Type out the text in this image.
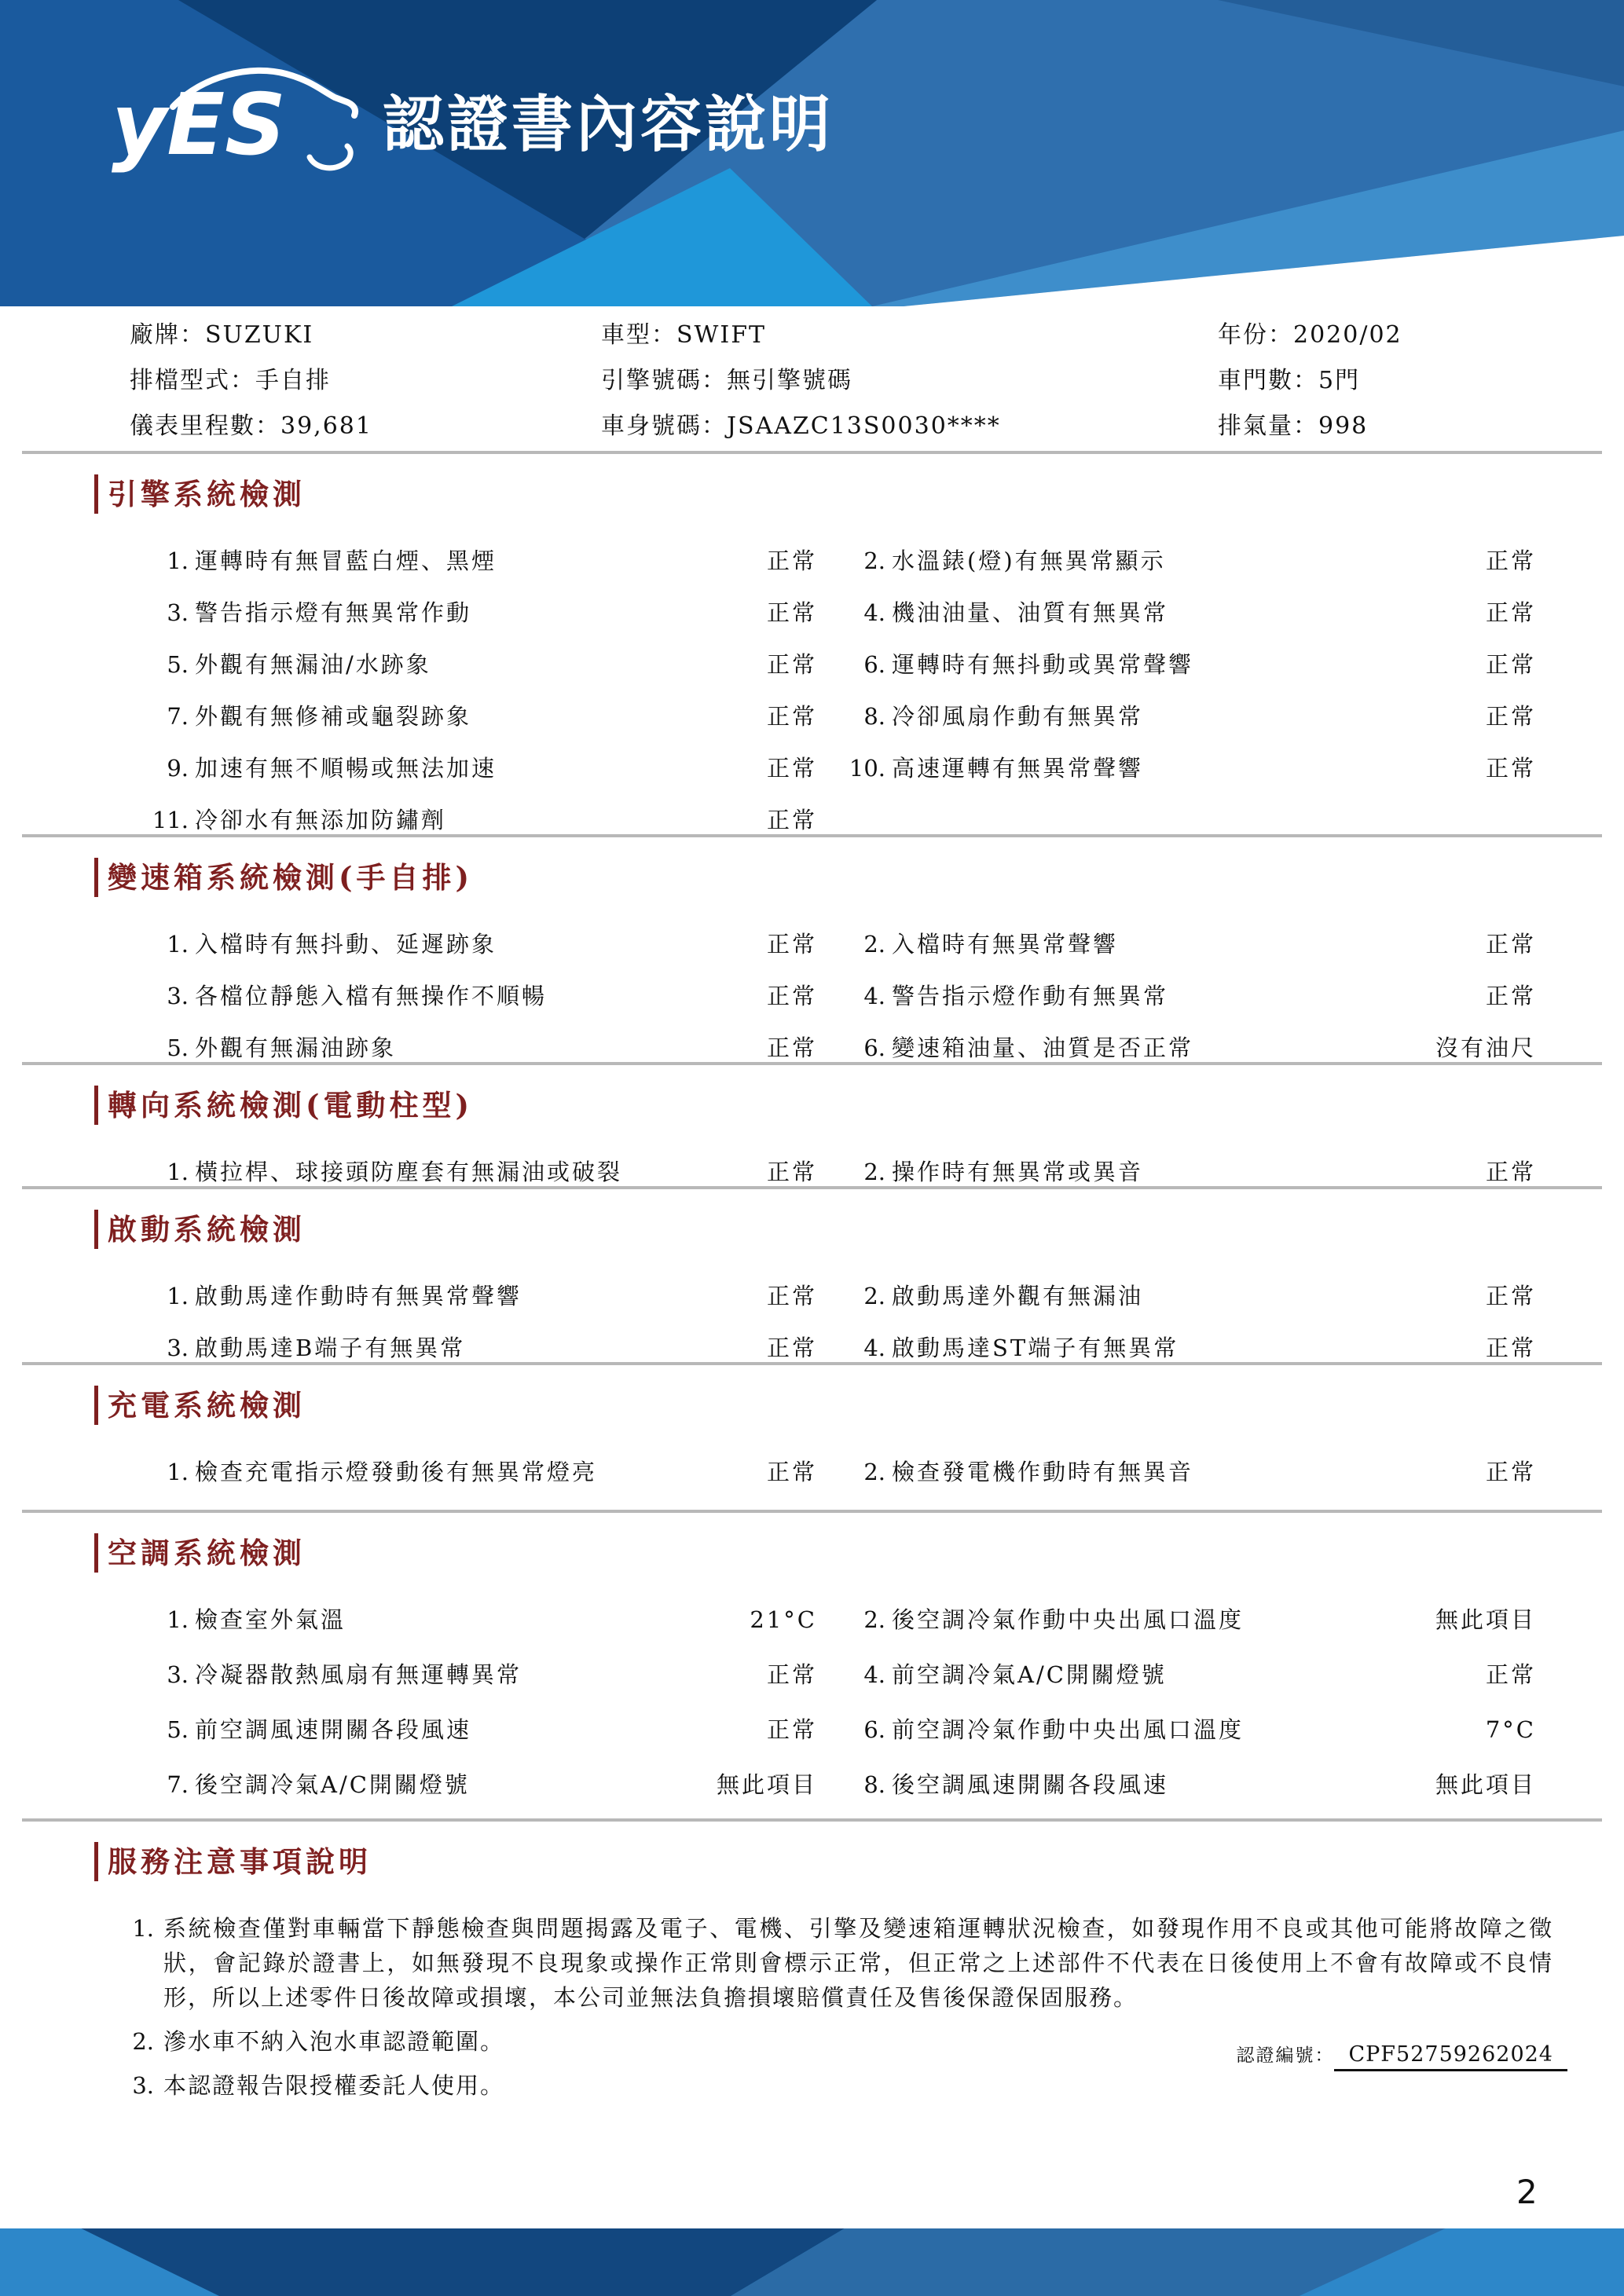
yES 認證書內容說明
廠牌：SUZUKI
排檔型式：手自排
儀表里程數：39,681
車型：SWIFT
引擎號碼：無引擎號碼
車身號碼：JSAAZC13S0030****
年份：2020/02
車門數：5門
排氣量：998
引擎系統檢測
1. 運轉時有無冒藍白煙、黑煙	正常	2. 水溫錶(燈)有無異常顯示	正常
3. 警告指示燈有無異常作動	正常	4. 機油油量、油質有無異常	正常
5. 外觀有無漏油/水跡象	正常	6. 運轉時有無抖動或異常聲響	正常
7. 外觀有無修補或龜裂跡象	正常	8. 冷卻風扇作動有無異常	正常
9. 加速有無不順暢或無法加速	正常 10. 高速運轉有無異常聲響	正常
11. 冷卻水有無添加防鏽劑	正常
變速箱系統檢測(手自排)
1. 入檔時有無抖動、延遲跡象	正常	2. 入檔時有無異常聲響	正常
3. 各檔位靜態入檔有無操作不順暢	正常	4. 警告指示燈作動有無異常	正常
5. 外觀有無漏油跡象	正常	6. 變速箱油量、油質是否正常	沒有油尺
轉向系統檢測(電動柱型)
1. 橫拉桿、球接頭防塵套有無漏油或破裂	正常	2. 操作時有無異常或異音	正常
啟動系統檢測
1. 啟動馬達作動時有無異常聲響	正常	2. 啟動馬達外觀有無漏油	正常
3. 啟動馬達B端子有無異常	正常	4. 啟動馬達ST端子有無異常	正常
充電系統檢測
1. 檢查充電指示燈發動後有無異常燈亮	正常	2. 檢查發電機作動時有無異音	正常
空調系統檢測
1. 檢查室外氣溫	21°C	2. 後空調冷氣作動中央出風口溫度	無此項目
3. 冷凝器散熱風扇有無運轉異常	正常	4. 前空調冷氣A/C開關燈號	正常
5. 前空調風速開關各段風速	正常	6. 前空調冷氣作動中央出風口溫度	7°C
7. 後空調冷氣A/C開關燈號	無此項目	8. 後空調風速開關各段風速	無此項目
服務注意事項說明
1. 系統檢查僅對車輛當下靜態檢查與問題揭露及電子、電機、引擎及變速箱運轉狀況檢查，如發現作用不良或其他可能將故障之徵狀，會記錄於證書上，如無發現不良現象或操作正常則會標示正常，但正常之上述部件不代表在日後使用上不會有故障或不良情形，所以上述零件日後故障或損壞，本公司並無法負擔損壞賠償責任及售後保證保固服務。
2. 滲水車不納入泡水車認證範圍。
3. 本認證報告限授權委託人使用。
認證編號： CPF52759262024
2
